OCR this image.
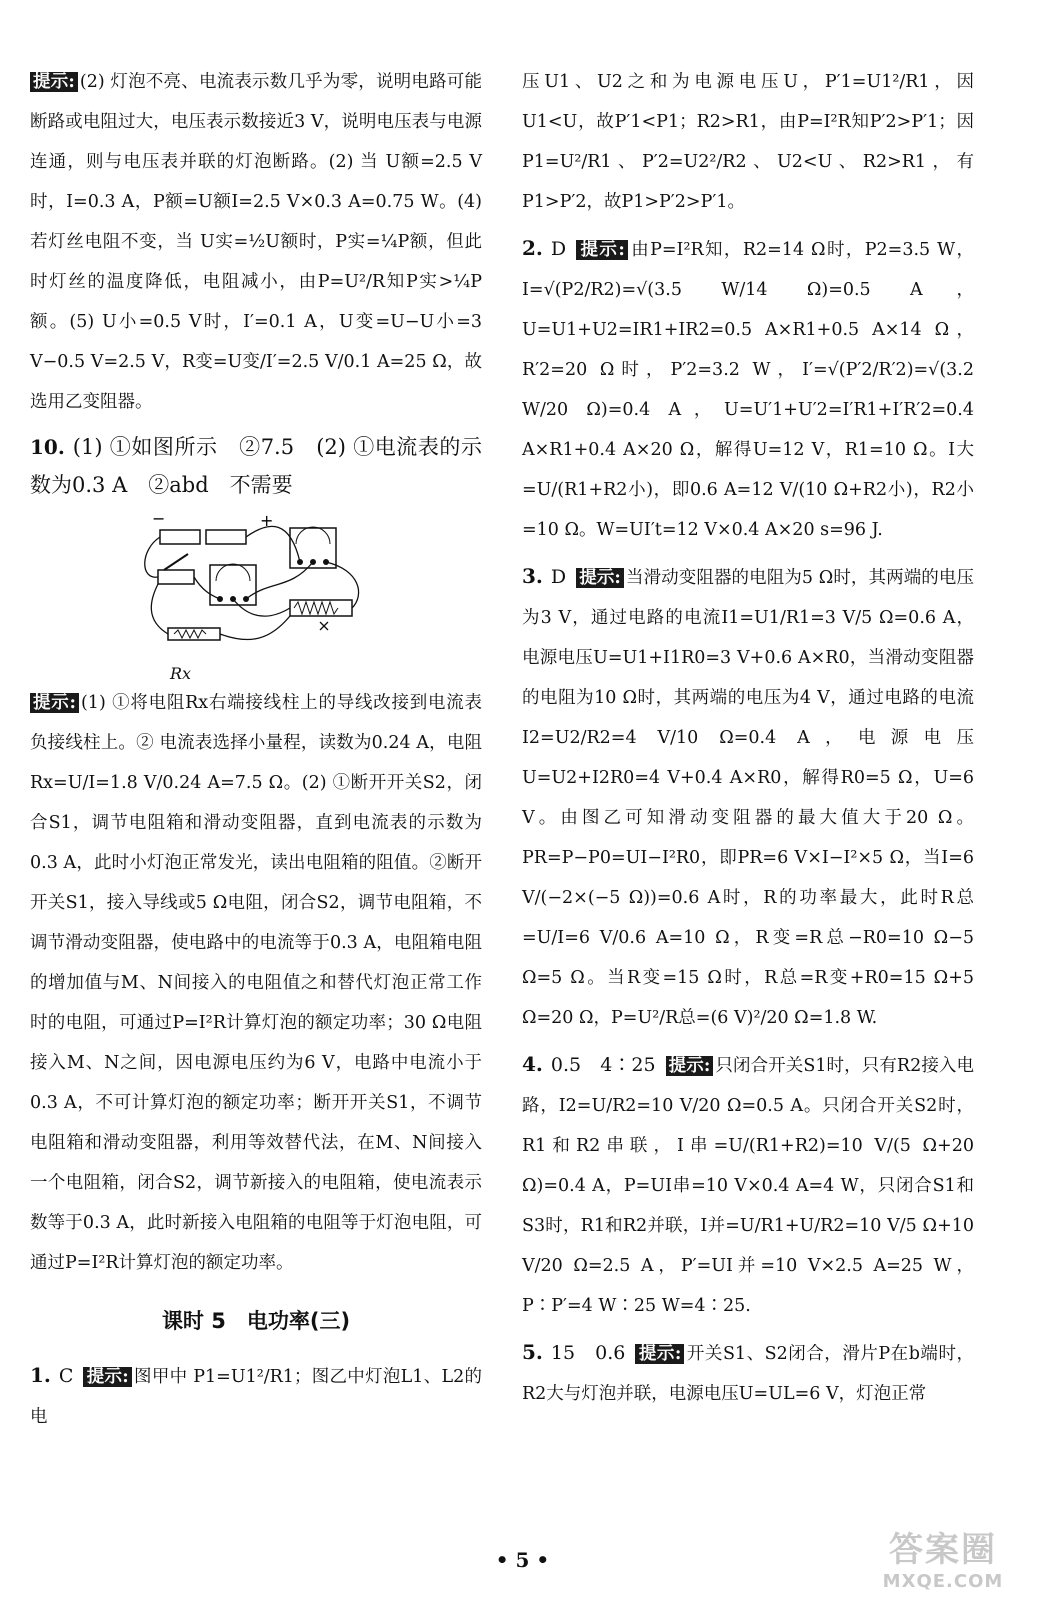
提示: (2) 灯泡不亮、电流表示数几乎为零，说明电路可能断路或电阻过大，电压表示数接近3 V，说明电压表与电源连通，则与电压表并联的灯泡断路。(2) 当 U额=2.5 V时，I=0.3 A，P额=U额I=2.5 V×0.3 A=0.75 W。(4) 若灯丝电阻不变，当 U实=½U额时，P实=¼P额，但此时灯丝的温度降低，电阻减小，由P=U²/R知P实>¼P额。(5) U小=0.5 V时，I′=0.1 A，U变=U−U小=3 V−0.5 V=2.5 V，R变=U变/I′=2.5 V/0.1 A=25 Ω，故选用乙变阻器。

10. (1) ①如图所示　②7.5　(2) ①电流表的示数为0.3 A　②abd　不需要

−	+
Rx

提示: (1) ①将电阻Rx右端接线柱上的导线改接到电流表负接线柱上。② 电流表选择小量程，读数为0.24 A，电阻Rx=U/I=1.8 V/0.24 A=7.5 Ω。(2) ①断开开关S2，闭合S1，调节电阻箱和滑动变阻器，直到电流表的示数为0.3 A，此时小灯泡正常发光，读出电阻箱的阻值。②断开开关S1，接入导线或5 Ω电阻，闭合S2，调节电阻箱，不调节滑动变阻器，使电路中的电流等于0.3 A，电阻箱电阻的增加值与M、N间接入的电阻值之和替代灯泡正常工作时的电阻，可通过P=I²R计算灯泡的额定功率；30 Ω电阻接入M、N之间，因电源电压约为6 V，电路中电流小于0.3 A，不可计算灯泡的额定功率；断开开关S1，不调节电阻箱和滑动变阻器，利用等效替代法，在M、N间接入一个电阻箱，闭合S2，调节新接入的电阻箱，使电流表示数等于0.3 A，此时新接入电阻箱的电阻等于灯泡电阻，可通过P=I²R计算灯泡的额定功率。

课时 5　电功率(三)

1. C 提示: 图甲中 P1=U1²/R1；图乙中灯泡L1、L2的电

压U1、U2之和为电源电压U，P′1=U1²/R1，因U1<U，故P′1<P1；R2>R1，由P=I²R知P′2>P′1；因P1=U²/R1、P′2=U2²/R2、U2<U、R2>R1，有P1>P′2，故P1>P′2>P′1。

2. D 提示: 由P=I²R知，R2=14 Ω时，P2=3.5 W，I=√(P2/R2)=√(3.5 W/14 Ω)=0.5 A，U=U1+U2=IR1+IR2=0.5 A×R1+0.5 A×14 Ω，R′2=20 Ω时，P′2=3.2 W，I′=√(P′2/R′2)=√(3.2 W/20 Ω)=0.4 A，U=U′1+U′2=I′R1+I′R′2=0.4 A×R1+0.4 A×20 Ω，解得U=12 V，R1=10 Ω。I大=U/(R1+R2小)，即0.6 A=12 V/(10 Ω+R2小)，R2小=10 Ω。W=UI′t=12 V×0.4 A×20 s=96 J.

3. D 提示: 当滑动变阻器的电阻为5 Ω时，其两端的电压为3 V，通过电路的电流I1=U1/R1=3 V/5 Ω=0.6 A，电源电压U=U1+I1R0=3 V+0.6 A×R0，当滑动变阻器的电阻为10 Ω时，其两端的电压为4 V，通过电路的电流I2=U2/R2=4 V/10 Ω=0.4 A，电源电压U=U2+I2R0=4 V+0.4 A×R0，解得R0=5 Ω，U=6 V。由图乙可知滑动变阻器的最大值大于20 Ω。PR=P−P0=UI−I²R0，即PR=6 V×I−I²×5 Ω，当I=6 V/(−2×(−5 Ω))=0.6 A时，R的功率最大，此时R总=U/I=6 V/0.6 A=10 Ω，R变=R总−R0=10 Ω−5 Ω=5 Ω。当R变=15 Ω时，R总=R变+R0=15 Ω+5 Ω=20 Ω，P=U²/R总=(6 V)²/20 Ω=1.8 W.

4. 0.5　4∶25 提示: 只闭合开关S1时，只有R2接入电路，I2=U/R2=10 V/20 Ω=0.5 A。只闭合开关S2时，R1和R2串联，I串=U/(R1+R2)=10 V/(5 Ω+20 Ω)=0.4 A，P=UI串=10 V×0.4 A=4 W，只闭合S1和S3时，R1和R2并联，I并=U/R1+U/R2=10 V/5 Ω+10 V/20 Ω=2.5 A，P′=UI并=10 V×2.5 A=25 W，P∶P′=4 W∶25 W=4∶25.

5. 15　0.6 提示: 开关S1、S2闭合，滑片P在b端时，R2大与灯泡并联，电源电压U=UL=6 V，灯泡正常

• 5 •	答案圈
MXQE.COM
